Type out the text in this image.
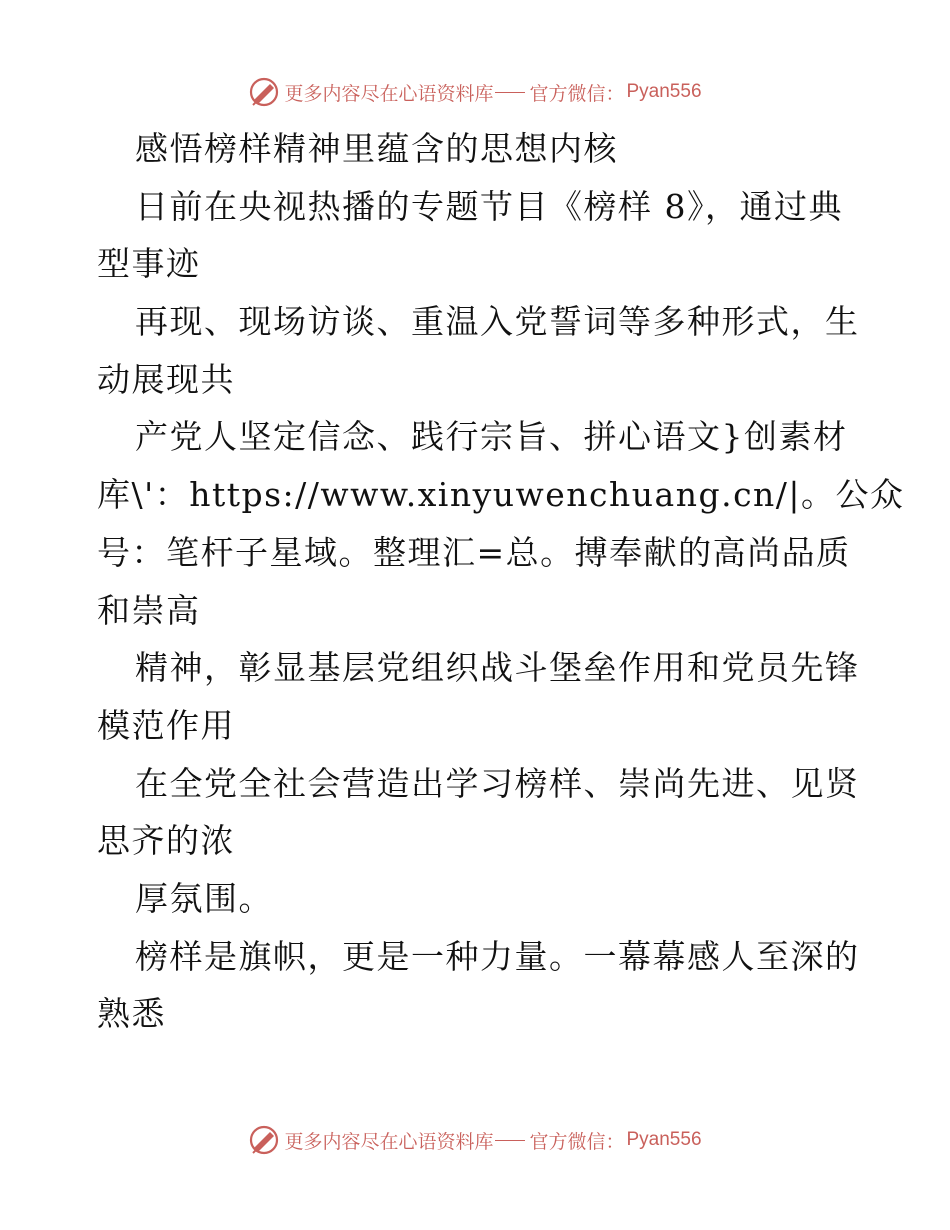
更多内容尽在心语资料库 官方微信： Pyan556
感悟榜样精神里蕴含的思想内核
日前在央视热播的专题节目《榜样 8》，通过典
型事迹
再现、现场访谈、重温入党誓词等多种形式，生
动展现共
产党人坚定信念、践行宗旨、拼心语文}创素材
库\'：https://www.xinyuwenchuang.cn/|。公众
号：笔杆子星域。整理汇=总。搏奉献的高尚品质
和崇高
精神，彰显基层党组织战斗堡垒作用和党员先锋
模范作用
在全党全社会营造出学习榜样、崇尚先进、见贤
思齐的浓
厚氛围。
榜样是旗帜，更是一种力量。一幕幕感人至深的
熟悉
更多内容尽在心语资料库 官方微信： Pyan556
